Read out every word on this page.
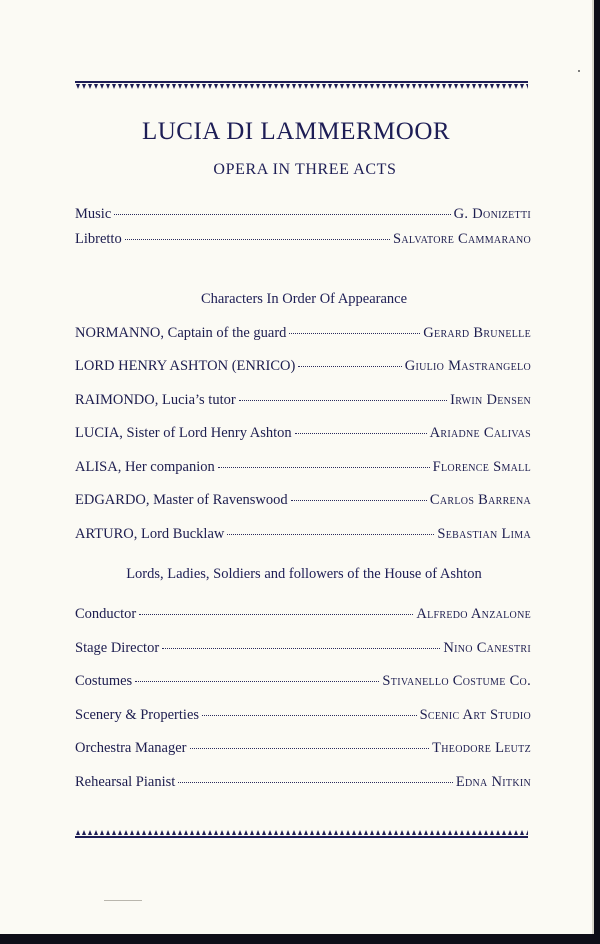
LUCIA DI LAMMERMOOR
OPERA IN THREE ACTS
Music	G. Donizetti
Libretto	Salvatore Cammarano
Characters In Order Of Appearance
NORMANNO, Captain of the guard	Gerard Brunelle
LORD HENRY ASHTON (ENRICO)	Giulio Mastrangelo
RAIMONDO, Lucia’s tutor	Irwin Densen
LUCIA, Sister of Lord Henry Ashton	Ariadne Calivas
ALISA, Her companion	Florence Small
EDGARDO, Master of Ravenswood	Carlos Barrena
ARTURO, Lord Bucklaw	Sebastian Lima
Lords, Ladies, Soldiers and followers of the House of Ashton
Conductor	Alfredo Anzalone
Stage Director	Nino Canestri
Costumes	Stivanello Costume Co.
Scenery & Properties	Scenic Art Studio
Orchestra Manager	Theodore Leutz
Rehearsal Pianist	Edna Nitkin
